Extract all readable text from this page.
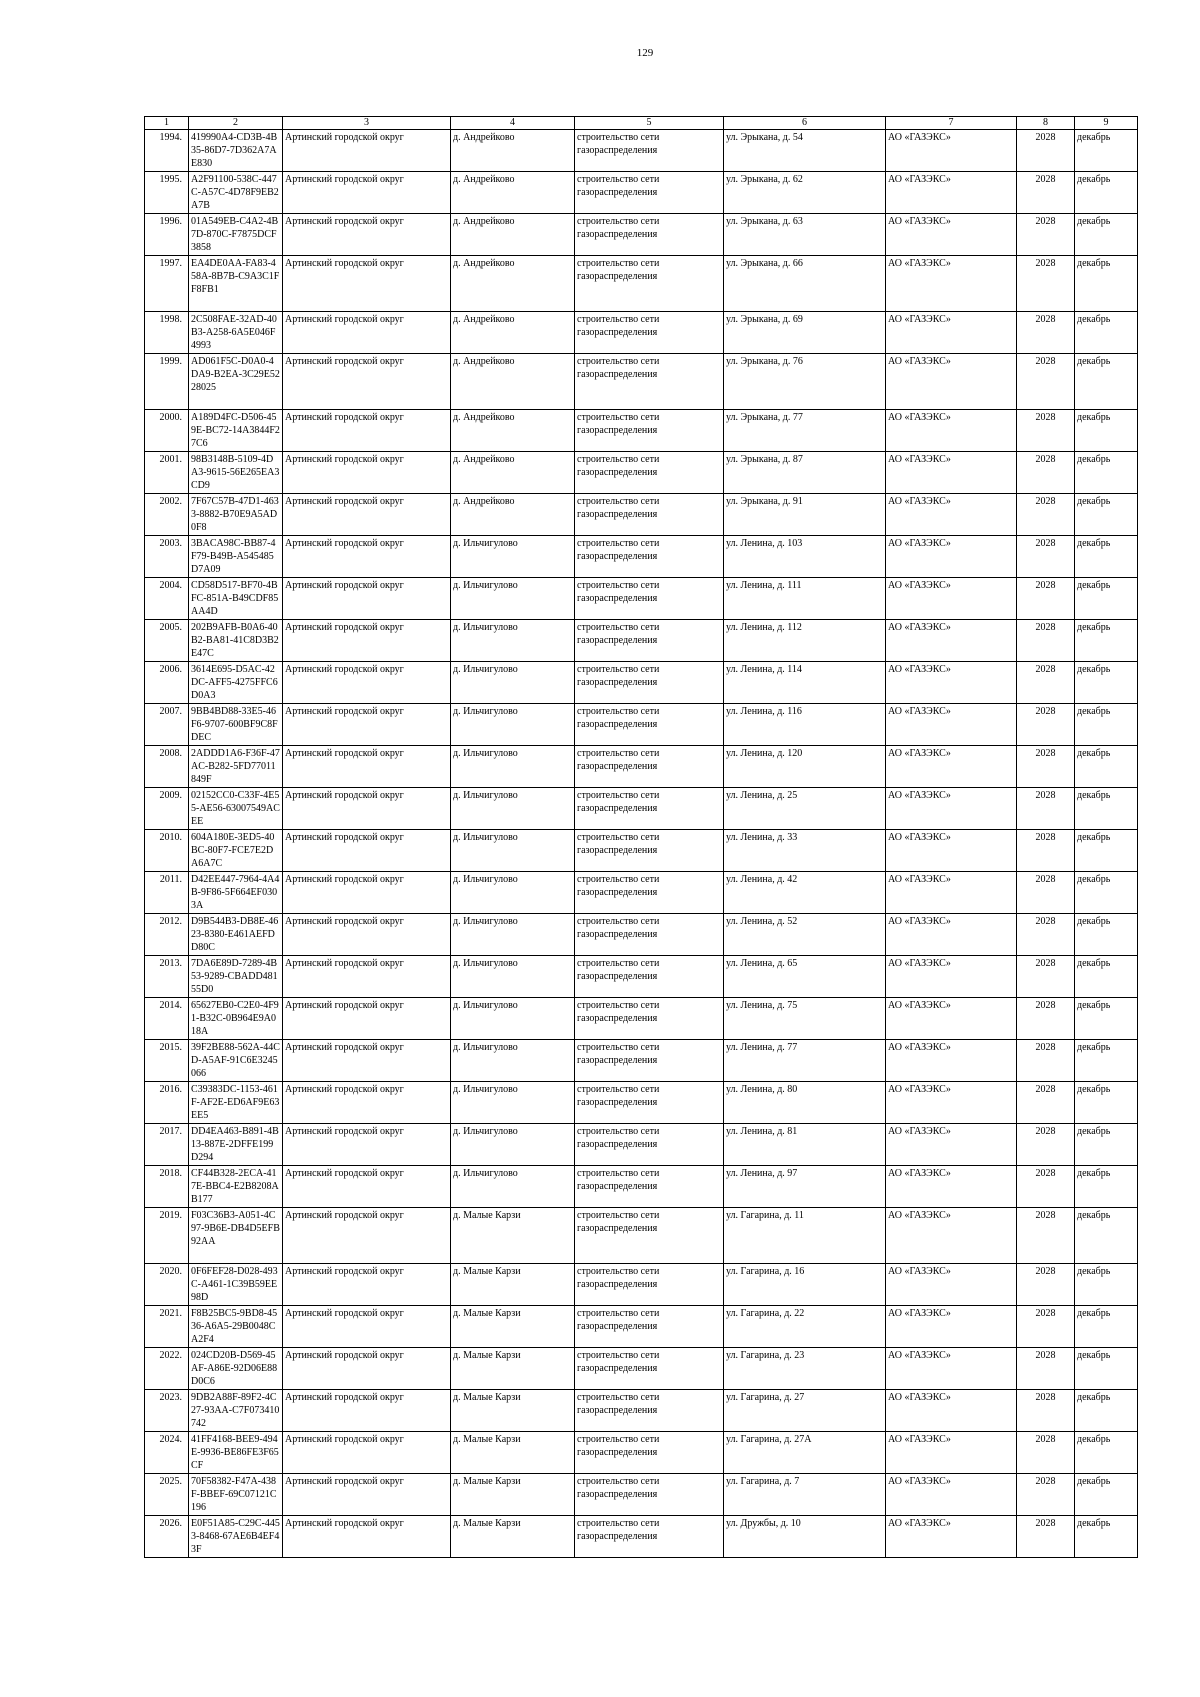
129
1	2	3	4	5	6	7	8	9
1994.	419990A4-CD3B-4B35-86D7-7D362A7AE830	Артинский городской округ	д. Андрейково	строительство сети газораспределения	ул. Эрыкана, д. 54	АО «ГАЗЭКС»	2028	декабрь
1995.	A2F91100-538C-447C-A57C-4D78F9EB2A7B	Артинский городской округ	д. Андрейково	строительство сети газораспределения	ул. Эрыкана, д. 62	АО «ГАЗЭКС»	2028	декабрь
1996.	01A549EB-C4A2-4B7D-870C-F7875DCF3858	Артинский городской округ	д. Андрейково	строительство сети газораспределения	ул. Эрыкана, д. 63	АО «ГАЗЭКС»	2028	декабрь
1997.	EA4DE0AA-FA83-458A-8B7B-C9A3C1FF8FB1	Артинский городской округ	д. Андрейково	строительство сети газораспределения	ул. Эрыкана, д. 66	АО «ГАЗЭКС»	2028	декабрь
1998.	2C508FAE-32AD-40B3-A258-6A5E046F4993	Артинский городской округ	д. Андрейково	строительство сети газораспределения	ул. Эрыкана, д. 69	АО «ГАЗЭКС»	2028	декабрь
1999.	AD061F5C-D0A0-4DA9-B2EA-3C29E5228025	Артинский городской округ	д. Андрейково	строительство сети газораспределения	ул. Эрыкана, д. 76	АО «ГАЗЭКС»	2028	декабрь
2000.	A189D4FC-D506-459E-BC72-14A3844F27C6	Артинский городской округ	д. Андрейково	строительство сети газораспределения	ул. Эрыкана, д. 77	АО «ГАЗЭКС»	2028	декабрь
2001.	98B3148B-5109-4DA3-9615-56E265EA3CD9	Артинский городской округ	д. Андрейково	строительство сети газораспределения	ул. Эрыкана, д. 87	АО «ГАЗЭКС»	2028	декабрь
2002.	7F67C57B-47D1-4633-8882-B70E9A5AD0F8	Артинский городской округ	д. Андрейково	строительство сети газораспределения	ул. Эрыкана, д. 91	АО «ГАЗЭКС»	2028	декабрь
2003.	3BACA98C-BB87-4F79-B49B-A545485D7A09	Артинский городской округ	д. Ильчигулово	строительство сети газораспределения	ул. Ленина, д. 103	АО «ГАЗЭКС»	2028	декабрь
2004.	CD58D517-BF70-4BFC-851A-B49CDF85AA4D	Артинский городской округ	д. Ильчигулово	строительство сети газораспределения	ул. Ленина, д. 111	АО «ГАЗЭКС»	2028	декабрь
2005.	202B9AFB-B0A6-40B2-BA81-41C8D3B2E47C	Артинский городской округ	д. Ильчигулово	строительство сети газораспределения	ул. Ленина, д. 112	АО «ГАЗЭКС»	2028	декабрь
2006.	3614E695-D5AC-42DC-AFF5-4275FFC6D0A3	Артинский городской округ	д. Ильчигулово	строительство сети газораспределения	ул. Ленина, д. 114	АО «ГАЗЭКС»	2028	декабрь
2007.	9BB4BD88-33E5-46F6-9707-600BF9C8FDEC	Артинский городской округ	д. Ильчигулово	строительство сети газораспределения	ул. Ленина, д. 116	АО «ГАЗЭКС»	2028	декабрь
2008.	2ADDD1A6-F36F-47AC-B282-5FD77011849F	Артинский городской округ	д. Ильчигулово	строительство сети газораспределения	ул. Ленина, д. 120	АО «ГАЗЭКС»	2028	декабрь
2009.	02152CC0-C33F-4E55-AE56-63007549ACEE	Артинский городской округ	д. Ильчигулово	строительство сети газораспределения	ул. Ленина, д. 25	АО «ГАЗЭКС»	2028	декабрь
2010.	604A180E-3ED5-40BC-80F7-FCE7E2DA6A7C	Артинский городской округ	д. Ильчигулово	строительство сети газораспределения	ул. Ленина, д. 33	АО «ГАЗЭКС»	2028	декабрь
2011.	D42EE447-7964-4A4B-9F86-5F664EF0303A	Артинский городской округ	д. Ильчигулово	строительство сети газораспределения	ул. Ленина, д. 42	АО «ГАЗЭКС»	2028	декабрь
2012.	D9B544B3-DB8E-4623-8380-E461AEFDD80C	Артинский городской округ	д. Ильчигулово	строительство сети газораспределения	ул. Ленина, д. 52	АО «ГАЗЭКС»	2028	декабрь
2013.	7DA6E89D-7289-4B53-9289-CBADD48155D0	Артинский городской округ	д. Ильчигулово	строительство сети газораспределения	ул. Ленина, д. 65	АО «ГАЗЭКС»	2028	декабрь
2014.	65627EB0-C2E0-4F91-B32C-0B964E9A018A	Артинский городской округ	д. Ильчигулово	строительство сети газораспределения	ул. Ленина, д. 75	АО «ГАЗЭКС»	2028	декабрь
2015.	39F2BE88-562A-44CD-A5AF-91C6E3245066	Артинский городской округ	д. Ильчигулово	строительство сети газораспределения	ул. Ленина, д. 77	АО «ГАЗЭКС»	2028	декабрь
2016.	C39383DC-1153-461F-AF2E-ED6AF9E63EE5	Артинский городской округ	д. Ильчигулово	строительство сети газораспределения	ул. Ленина, д. 80	АО «ГАЗЭКС»	2028	декабрь
2017.	DD4EA463-B891-4B13-887E-2DFFE199D294	Артинский городской округ	д. Ильчигулово	строительство сети газораспределения	ул. Ленина, д. 81	АО «ГАЗЭКС»	2028	декабрь
2018.	CF44B328-2ECA-417E-BBC4-E2B8208AB177	Артинский городской округ	д. Ильчигулово	строительство сети газораспределения	ул. Ленина, д. 97	АО «ГАЗЭКС»	2028	декабрь
2019.	F03C36B3-A051-4C97-9B6E-DB4D5EFB92AA	Артинский городской округ	д. Малые Карзи	строительство сети газораспределения	ул. Гагарина, д. 11	АО «ГАЗЭКС»	2028	декабрь
2020.	0F6FEF28-D028-493C-A461-1C39B59EE98D	Артинский городской округ	д. Малые Карзи	строительство сети газораспределения	ул. Гагарина, д. 16	АО «ГАЗЭКС»	2028	декабрь
2021.	F8B25BC5-9BD8-4536-A6A5-29B0048CA2F4	Артинский городской округ	д. Малые Карзи	строительство сети газораспределения	ул. Гагарина, д. 22	АО «ГАЗЭКС»	2028	декабрь
2022.	024CD20B-D569-45AF-A86E-92D06E88D0C6	Артинский городской округ	д. Малые Карзи	строительство сети газораспределения	ул. Гагарина, д. 23	АО «ГАЗЭКС»	2028	декабрь
2023.	9DB2A88F-89F2-4C27-93AA-C7F073410742	Артинский городской округ	д. Малые Карзи	строительство сети газораспределения	ул. Гагарина, д. 27	АО «ГАЗЭКС»	2028	декабрь
2024.	41FF4168-BEE9-494E-9936-BE86FE3F65CF	Артинский городской округ	д. Малые Карзи	строительство сети газораспределения	ул. Гагарина, д. 27А	АО «ГАЗЭКС»	2028	декабрь
2025.	70F58382-F47A-438F-BBEF-69C07121C196	Артинский городской округ	д. Малые Карзи	строительство сети газораспределения	ул. Гагарина, д. 7	АО «ГАЗЭКС»	2028	декабрь
2026.	E0F51A85-C29C-4453-8468-67AE6B4EF43F	Артинский городской округ	д. Малые Карзи	строительство сети газораспределения	ул. Дружбы, д. 10	АО «ГАЗЭКС»	2028	декабрь
